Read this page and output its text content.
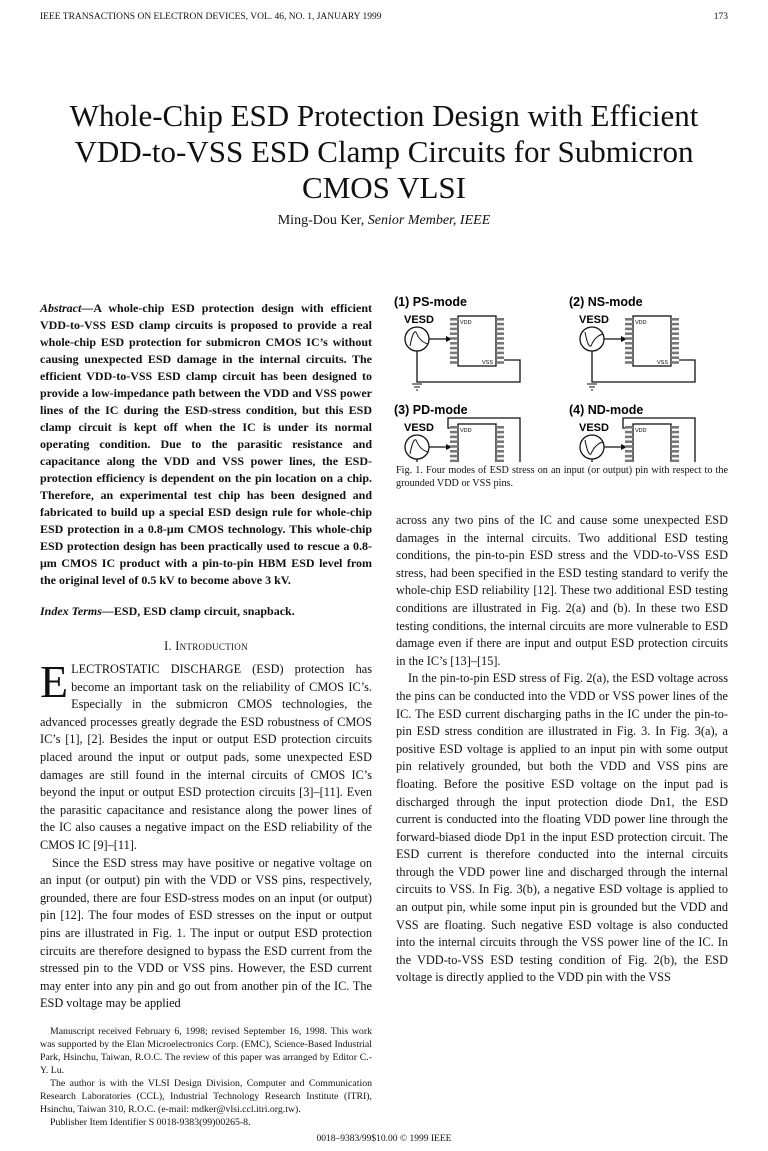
IEEE TRANSACTIONS ON ELECTRON DEVICES, VOL. 46, NO. 1, JANUARY 1999	173
Whole-Chip ESD Protection Design with Efficient VDD-to-VSS ESD Clamp Circuits for Submicron CMOS VLSI
Ming-Dou Ker, Senior Member, IEEE
Abstract—A whole-chip ESD protection design with efficient VDD-to-VSS ESD clamp circuits is proposed to provide a real whole-chip ESD protection for submicron CMOS IC’s without causing unexpected ESD damage in the internal circuits. The efficient VDD-to-VSS ESD clamp circuit has been designed to provide a low-impedance path between the VDD and VSS power lines of the IC during the ESD-stress condition, but this ESD clamp circuit is kept off when the IC is under its normal operating condition. Due to the parasitic resistance and capacitance along the VDD and VSS power lines, the ESD-protection efficiency is dependent on the pin location on a chip. Therefore, an experimental test chip has been designed and fabricated to build up a special ESD design rule for whole-chip ESD protection in a 0.8-μm CMOS technology. This whole-chip ESD protection design has been practically used to rescue a 0.8-μm CMOS IC product with a pin-to-pin HBM ESD level from the original level of 0.5 kV to become above 3 kV.
Index Terms—ESD, ESD clamp circuit, snapback.
I. Introduction

ELECTROSTATIC DISCHARGE (ESD) protection has become an important task on the reliability of CMOS IC’s. Especially in the submicron CMOS technologies, the advanced processes greatly degrade the ESD robustness of CMOS IC’s [1], [2]. Besides the input or output ESD protection circuits placed around the input or output pads, some unexpected ESD damages are still found in the internal circuits of CMOS IC’s beyond the input or output ESD protection circuits [3]–[11]. Even the parasitic capacitance and resistance along the power lines of the IC also causes a negative impact on the ESD reliability of the CMOS IC [9]–[11].

Since the ESD stress may have positive or negative voltage on an input (or output) pin with the VDD or VSS pins, respectively, grounded, there are four ESD-stress modes on an input (or output) pin [12]. The four modes of ESD stresses on the input or output pins are illustrated in Fig. 1. The input or output ESD protection circuits are therefore designed to bypass the ESD current from the stressed pin to the VDD or VSS pins. However, the ESD current may enter into any pin and go out from another pin of the IC. The ESD voltage may be applied

Manuscript received February 6, 1998; revised September 16, 1998. This work was supported by the Elan Microelectronics Corp. (EMC), Science-Based Industrial Park, Hsinchu, Taiwan, R.O.C. The review of this paper was arranged by Editor C.-Y. Lu.

The author is with the VLSI Design Division, Computer and Communication Research Laboratories (CCL), Industrial Technology Research Institute (ITRI), Hsinchu, Taiwan 310, R.O.C. (e-mail: mdker@vlsi.ccl.itri.org.tw).

Publisher Item Identifier S 0018-9383(99)00265-8.

(1) PS-mode
VESD	VDD
VSS
(2) NS-mode
VESD	VDD
VSS
(3) PD-mode
VESD	VDD
(4) ND-mode
VESD	VDD
Fig. 1. Four modes of ESD stress on an input (or output) pin with respect to the grounded VDD or VSS pins.

across any two pins of the IC and cause some unexpected ESD damages in the internal circuits. Two additional ESD testing conditions, the pin-to-pin ESD stress and the VDD-to-VSS ESD stress, had been specified in the ESD testing standard to verify the whole-chip ESD reliability [12]. These two additional ESD testing conditions are illustrated in Fig. 2(a) and (b). In these two ESD testing conditions, the internal circuits are more vulnerable to ESD damage even if there are input and output ESD protection circuits in the IC’s [13]–[15].

In the pin-to-pin ESD stress of Fig. 2(a), the ESD voltage across the pins can be conducted into the VDD or VSS power lines of the IC. The ESD current discharging paths in the IC under the pin-to-pin ESD stress condition are illustrated in Fig. 3. In Fig. 3(a), a positive ESD voltage is applied to an input pin with some output pin relatively grounded, but both the VDD and VSS pins are floating. Before the positive ESD voltage on the input pad is discharged through the input protection diode Dn1, the ESD current is conducted into the floating VDD power line through the forward-biased diode Dp1 in the input ESD protection circuit. The ESD current is therefore conducted into the internal circuits through the VDD power line and discharged through the internal circuits to VSS. In Fig. 3(b), a negative ESD voltage is applied to an output pin, while some input pin is grounded but the VDD and VSS are floating. Such negative ESD voltage is also conducted into the internal circuits through the VSS power line of the IC. In the VDD-to-VSS ESD testing condition of Fig. 2(b), the ESD voltage is directly applied to the VDD pin with the VSS

0018–9383/99$10.00 © 1999 IEEE
